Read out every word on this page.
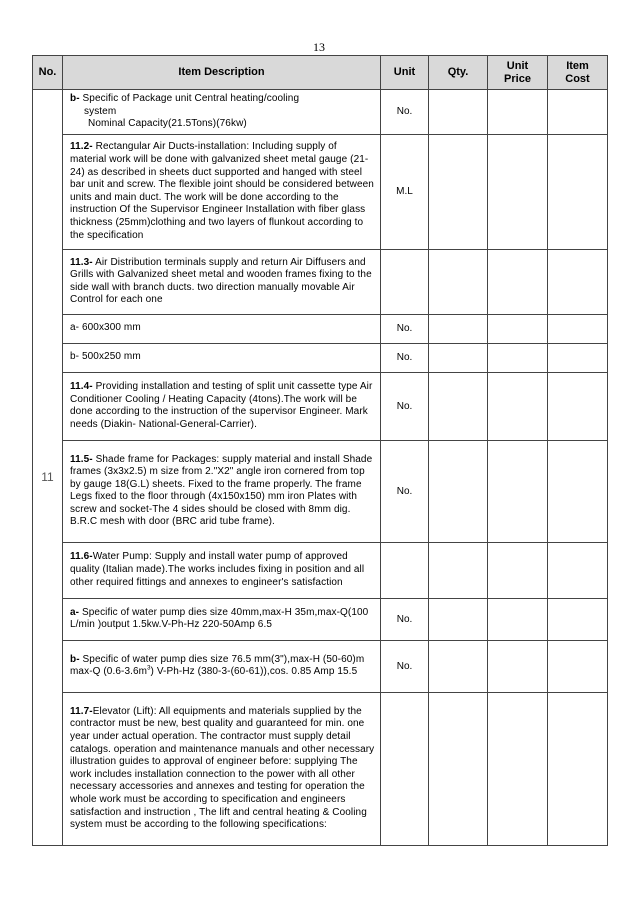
13
No.	Item Description	Unit	Qty.	Unit Price	Item Cost
11	b- Specific of Package unit Central heating/cooling
system
Nominal Capacity(21.5Tons)(76kw)	No.			
	11.2- Rectangular Air Ducts-installation: Including supply of material work will be done with galvanized sheet metal gauge (21-24) as described in sheets duct supported and hanged with steel bar unit and screw. The flexible joint should be considered between units and main duct. The work will be done according to the instruction Of the Supervisor Engineer Installation with fiber glass thickness (25mm)clothing and two layers of flunkout according to the specification	M.L			
	11.3- Air Distribution terminals supply and return Air Diffusers and Grills with Galvanized sheet metal and wooden frames fixing to the side wall with branch ducts. two direction manually movable Air Control for each one				
	a- 600x300 mm	No.			
	b- 500x250 mm	No.			
	11.4- Providing installation and testing of split unit cassette type Air Conditioner Cooling / Heating Capacity (4tons).The work will be done according to the instruction of the supervisor Engineer. Mark needs (Diakin- National-General-Carrier).	No.			
	11.5- Shade frame for Packages: supply material and install Shade frames (3x3x2.5) m size from 2."X2" angle iron cornered from top by gauge 18(G.L) sheets. Fixed to the frame properly. The frame Legs fixed to the floor through (4x150x150) mm iron Plates with screw and socket-The 4 sides should be closed with 8mm dig. B.R.C mesh with door (BRC arid tube frame).	No.			
	11.6-Water Pump: Supply and install water pump of approved quality (Italian made).The works includes fixing in position and all other required fittings and annexes to engineer's satisfaction				
	a- Specific of water pump dies size 40mm,max-H 35m,max-Q(100 L/min )output 1.5kw.V-Ph-Hz 220-50Amp 6.5	No.			
	b- Specific of water pump dies size 76.5 mm(3"),max-H (50-60)m max-Q $(0.6-3.6m^3)$ V-Ph-Hz (380-3-(60-61)),cos. 0.85 Amp 15.5	No.			
	11.7-Elevator (Lift): All equipments and materials supplied by the contractor must be new, best quality and guaranteed for min. one year under actual operation. The contractor must supply detail catalogs. operation and maintenance manuals and other necessary illustration guides to approval of engineer before: supplying The work includes installation connection to the power with all other necessary accessories and annexes and testing for operation the whole work must be according to specification and engineers satisfaction and instruction , The lift and central heating & Cooling system must be according to the following specifications:				
